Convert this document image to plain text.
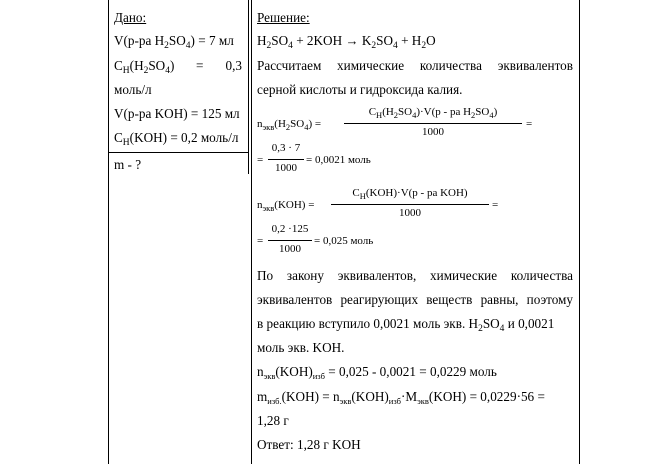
Дано:
V(р-ра $H_2SO_4) = 7$ мл
$C_Н(H_2SO_4) = 0,3$
моль/л
V(р-ра KOH) = 125 мл
$C_Н(KOH) = 0,2$ моль/л
m - ?
Решение:
$H_2SO_4 + 2KOH \to K_2SO_4 + H_2O$
Рассчитаем химические количества эквивалентов
серной кислоты и гидроксида калия.
$n_{экв}(H_2SO_4)$ =
$C_H(H_2SO_4)\cdot V(р$ - ра $H_2SO_4$)
1000
=
=
0,3 · 7
1000
= 0,0021 моль
$n_{экв}(KOH)$ =
$C_H(KOH)\cdot V(р$ - ра KOH)
1000
=
=
0,2 ·125
1000
= 0,025 моль
По закону эквивалентов, химические количества
эквивалентов реагирующих веществ равны, поэтому
в реакцию вступило 0,0021 моль экв. $H_2SO_4$ и 0,0021
моль экв. KOH.
$n_{экв}(KOH)_{изб} = 0,025 - 0,0021 = 0,0229$ моль
$m_{изб.}(KOH) = n_{экв}(KOH)_{изб}\cdot M_{экв}(KOH) = 0,0229\cdot 56$ =
1,28 г
Ответ: 1,28 г KOH
